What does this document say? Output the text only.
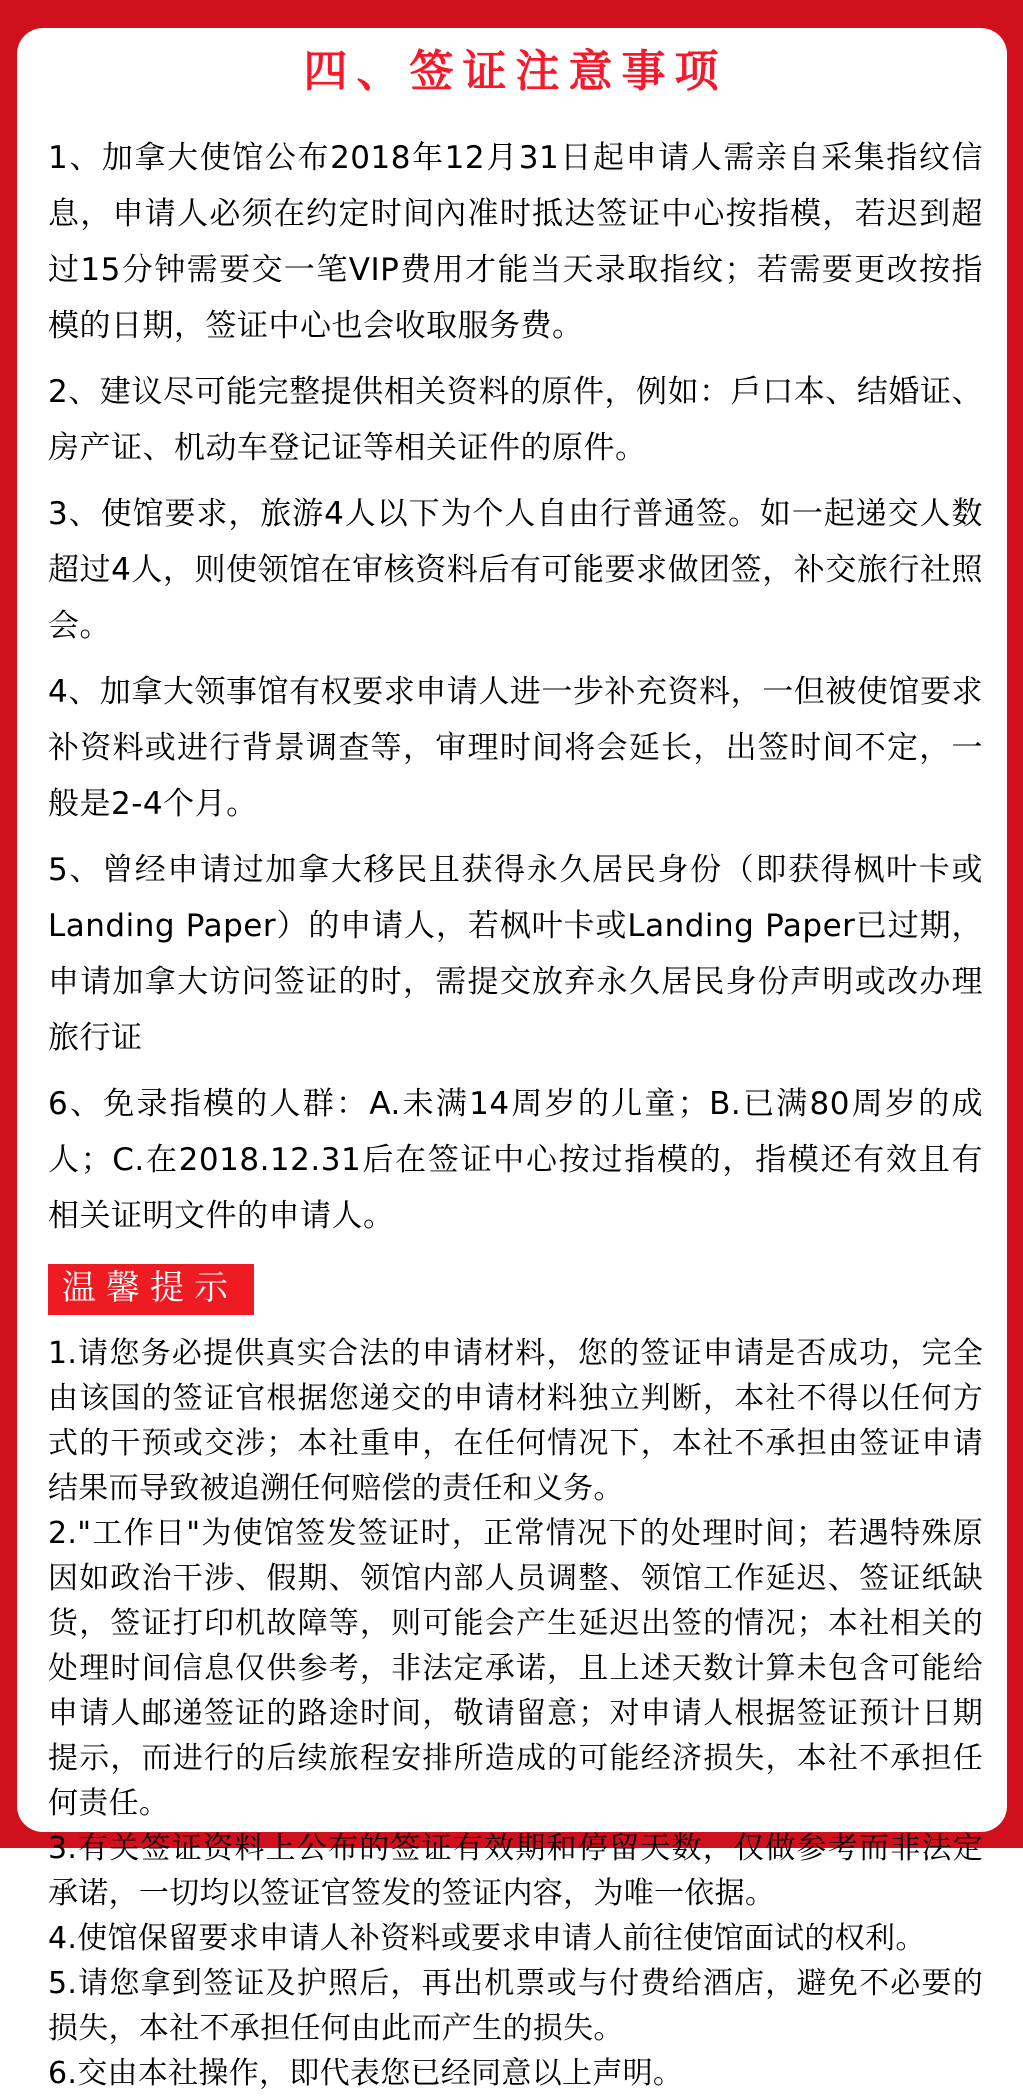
四、签证注意事项

1、加拿大使馆公布2018年12月31日起申请人需亲自采集指纹信息，申请人必须在约定时间內准时抵达签证中心按指模，若迟到超过15分钟需要交一笔VIP费用才能当天录取指纹；若需要更改按指模的日期，签证中心也会收取服务费。

2、建议尽可能完整提供相关资料的原件，例如：戶口本、结婚证、房产证、机动车登记证等相关证件的原件。

3、使馆要求，旅游4人以下为个人自由行普通签。如一起递交人数超过4人，则使领馆在审核资料后有可能要求做团签，补交旅行社照会。

4、加拿大领事馆有权要求申请人进一步补充资料，一但被使馆要求补资料或进行背景调查等，审理时间将会延长，出签时间不定，一般是2-4个月。

5、曾经申请过加拿大移民且获得永久居民身份（即获得枫叶卡或Landing Paper）的申请人，若枫叶卡或Landing Paper已过期，申请加拿大访问签证的时，需提交放弃永久居民身份声明或改办理旅行证

6、免录指模的人群：A.未满14周岁的儿童；B.已满80周岁的成人；C.在2018.12.31后在签证中心按过指模的，指模还有效且有相关证明文件的申请人。

温馨提示

1.请您务必提供真实合法的申请材料，您的签证申请是否成功，完全由该国的签证官根据您递交的申请材料独立判断，本社不得以任何方式的干预或交涉；本社重申，在任何情况下，本社不承担由签证申请结果而导致被追溯任何赔偿的责任和义务。

2."工作日"为使馆签发签证时，正常情况下的处理时间；若遇特殊原因如政治干涉、假期、领馆内部人员调整、领馆工作延迟、签证纸缺货，签证打印机故障等，则可能会产生延迟出签的情况；本社相关的处理时间信息仅供参考，非法定承诺，且上述天数计算未包含可能给申请人邮递签证的路途时间，敬请留意；对申请人根据签证预计日期提示，而进行的后续旅程安排所造成的可能经济损失，本社不承担任何责任。

3.有关签证资料上公布的签证有效期和停留天数，仅做参考而非法定承诺，一切均以签证官签发的签证内容，为唯一依据。

4.使馆保留要求申请人补资料或要求申请人前往使馆面试的权利。

5.请您拿到签证及护照后，再出机票或与付费给酒店，避免不必要的损失，本社不承担任何由此而产生的损失。

6.交由本社操作，即代表您已经同意以上声明。
